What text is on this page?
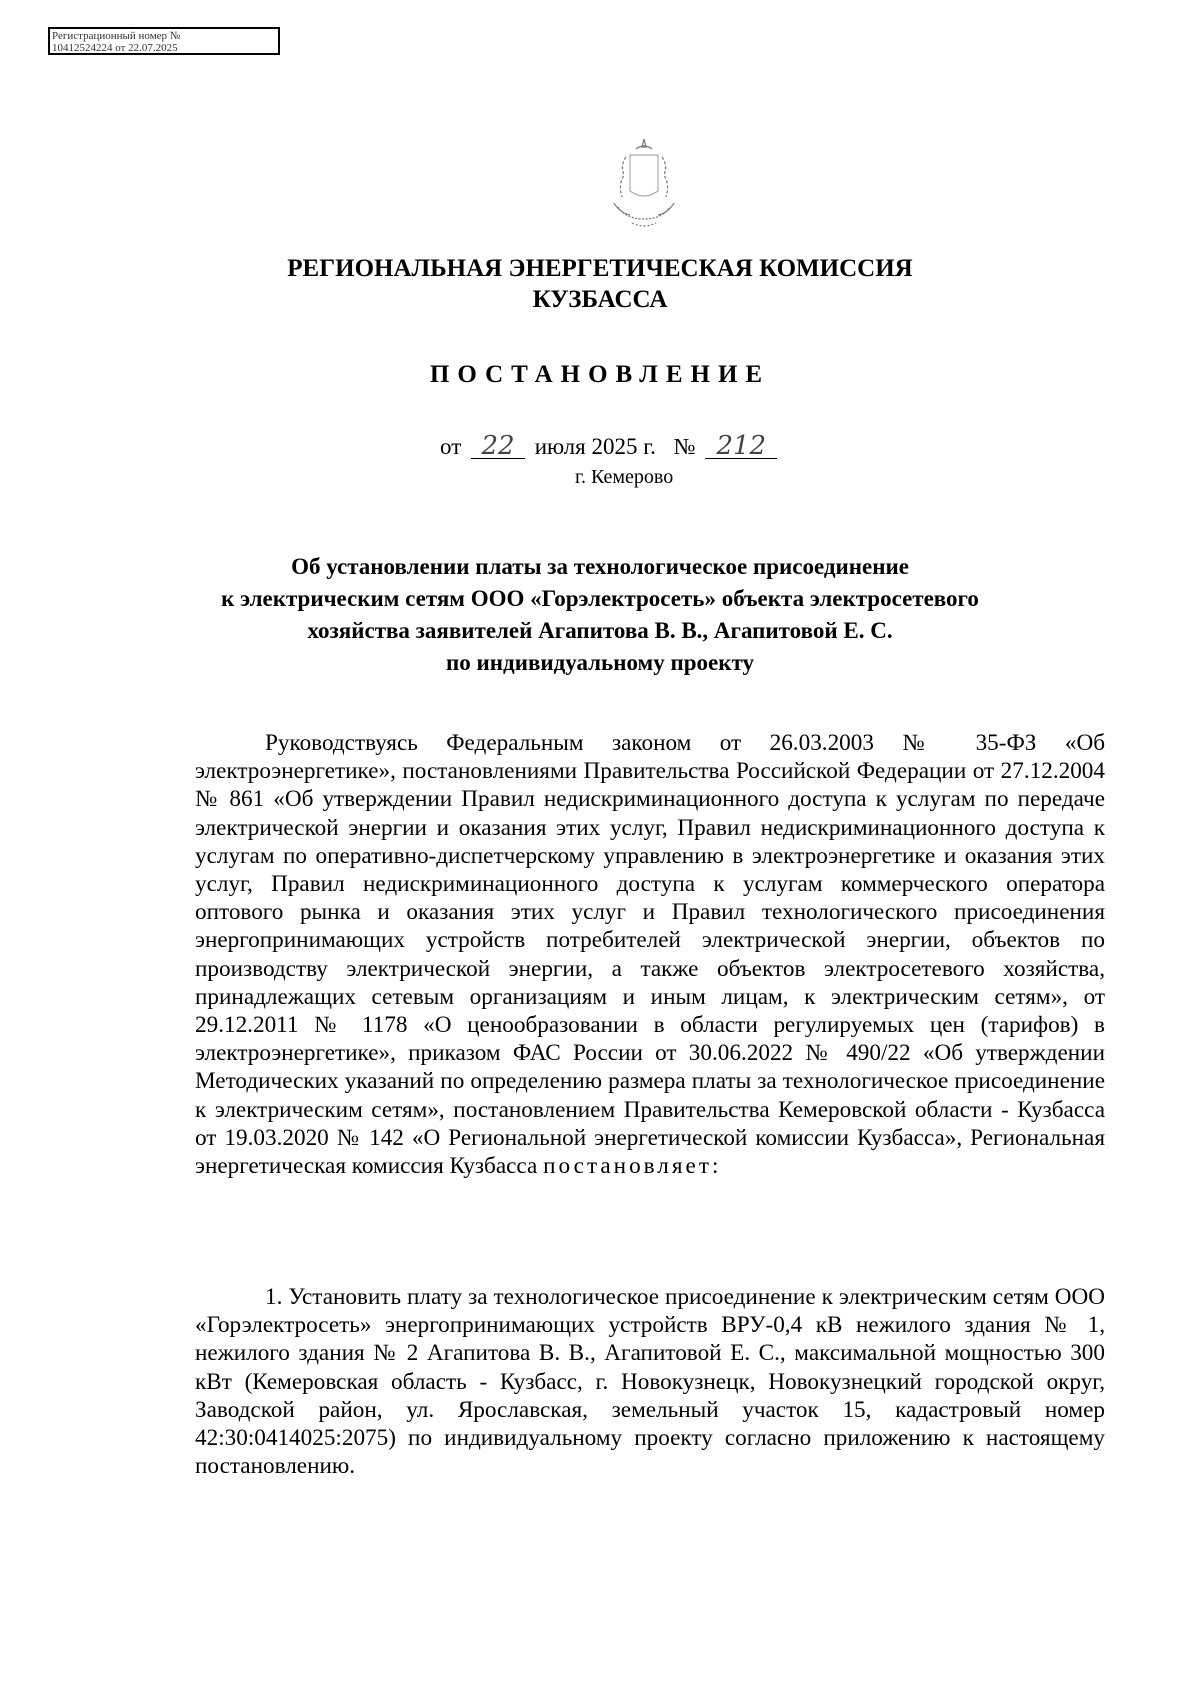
Регистрационный номер №
10412524224 от 22.07.2025
РЕГИОНАЛЬНАЯ ЭНЕРГЕТИЧЕСКАЯ КОМИССИЯ
КУЗБАССА
ПОСТАНОВЛЕНИЕ
от 22 июля 2025 г. № 212
г. Кемерово
Об установлении платы за технологическое присоединение
к электрическим сетям ООО «Горэлектросеть» объекта электросетевого
хозяйства заявителей Агапитова В. В., Агапитовой Е. С.
по индивидуальному проекту

Руководствуясь Федеральным законом от 26.03.2003 № 35-ФЗ «Об электроэнергетике», постановлениями Правительства Российской Федерации от 27.12.2004 № 861 «Об утверждении Правил недискриминационного доступа к услугам по передаче электрической энергии и оказания этих услуг, Правил недискриминационного доступа к услугам по оперативно-диспетчерскому управлению в электроэнергетике и оказания этих услуг, Правил недискриминационного доступа к услугам коммерческого оператора оптового рынка и оказания этих услуг и Правил технологического присоединения энергопринимающих устройств потребителей электрической энергии, объектов по производству электрической энергии, а также объектов электросетевого хозяйства, принадлежащих сетевым организациям и иным лицам, к электрическим сетям», от 29.12.2011 № 1178 «О ценообразовании в области регулируемых цен (тарифов) в электроэнергетике», приказом ФАС России от 30.06.2022 № 490/22 «Об утверждении Методических указаний по определению размера платы за технологическое присоединение к электрическим сетям», постановлением Правительства Кемеровской области - Кузбасса от 19.03.2020 № 142 «О Региональной энергетической комиссии Кузбасса», Региональная энергетическая комиссия Кузбасса постановляет:

1. Установить плату за технологическое присоединение к электрическим сетям ООО «Горэлектросеть» энергопринимающих устройств ВРУ-0,4 кВ нежилого здания № 1, нежилого здания № 2 Агапитова В. В., Агапитовой Е. С., максимальной мощностью 300 кВт (Кемеровская область - Кузбасс, г. Новокузнецк, Новокузнецкий городской округ, Заводской район, ул. Ярославская, земельный участок 15, кадастровый номер 42:30:0414025:2075) по индивидуальному проекту согласно приложению к настоящему постановлению.
